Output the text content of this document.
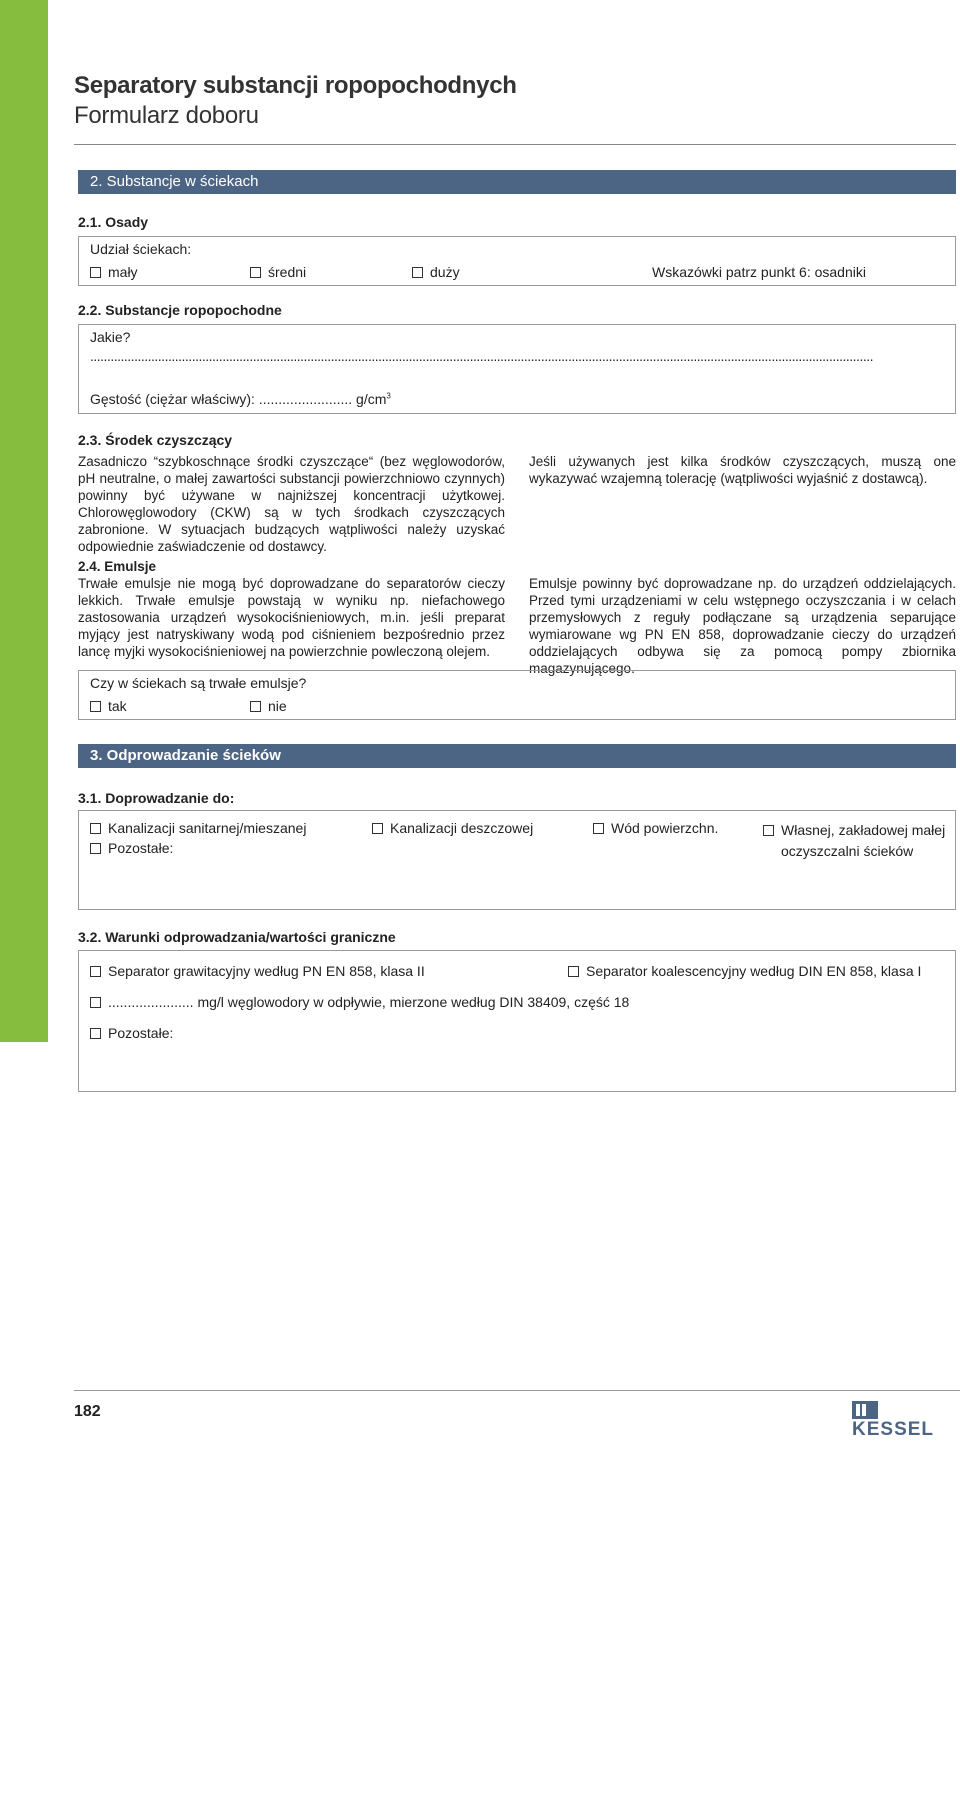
Separatory
Separatory substancji ropopochodnych
Formularz doboru
2. Substancje w ściekach
2.1. Osady
Udział ściekach:
mały	średni	duży	Wskazówki patrz punkt 6: osadniki
2.2. Substancje ropopochodne
Jakie?
.......................................................................................................................................................................................................................................
Gęstość (ciężar właściwy): ........................ $g/cm^3$
2.3. Środek czyszczący
Zasadniczo “szybkoschnące środki czyszczące“ (bez węglowodorów, pH neutralne, o małej zawartości substancji powierzchniowo czynnych) powinny być używane w najniższej koncentracji użytkowej. Chlorowęglowodory (CKW) są w tych środkach czyszczących zabronione. W sytuacjach budzących wątpliwości należy uzyskać odpowiednie zaświadczenie od dostawcy.
Jeśli używanych jest kilka środków czyszczących, muszą one wykazywać wzajemną tolerację (wątpliwości wyjaśnić z dostawcą).
2.4. Emulsje
Trwałe emulsje nie mogą być doprowadzane do separatorów cieczy lekkich. Trwałe emulsje powstają w wyniku np. niefachowego zastosowania urządzeń wysokociśnieniowych, m.in. jeśli preparat myjący jest natryskiwany wodą pod ciśnieniem bezpośrednio przez lancę myjki wysokociśnieniowej na powierzchnie powleczoną olejem.
Emulsje powinny być doprowadzane np. do urządzeń oddzielających. Przed tymi urządzeniami w celu wstępnego oczyszczania i w celach przemysłowych z reguły podłączane są urządzenia separujące wymiarowane wg PN EN 858, doprowadzanie cieczy do urządzeń oddzielających odbywa się za pomocą pompy zbiornika magazynującego.
Czy w ściekach są trwałe emulsje?
tak	nie
3. Odprowadzanie ścieków
3.1. Doprowadzanie do:
Kanalizacji sanitarnej/mieszanej	Kanalizacji deszczowej	Wód powierzchn.	Własnej, zakładowej małej
oczyszczalni ścieków
Pozostałe:
3.2. Warunki odprowadzania/wartości graniczne
Separator grawitacyjny według PN EN 858, klasa II	Separator koalescencyjny według DIN EN 858, klasa I
...................... mg/l węglowodory w odpływie, mierzone według DIN 38409, część 18
Pozostałe:
182
KESSEL
